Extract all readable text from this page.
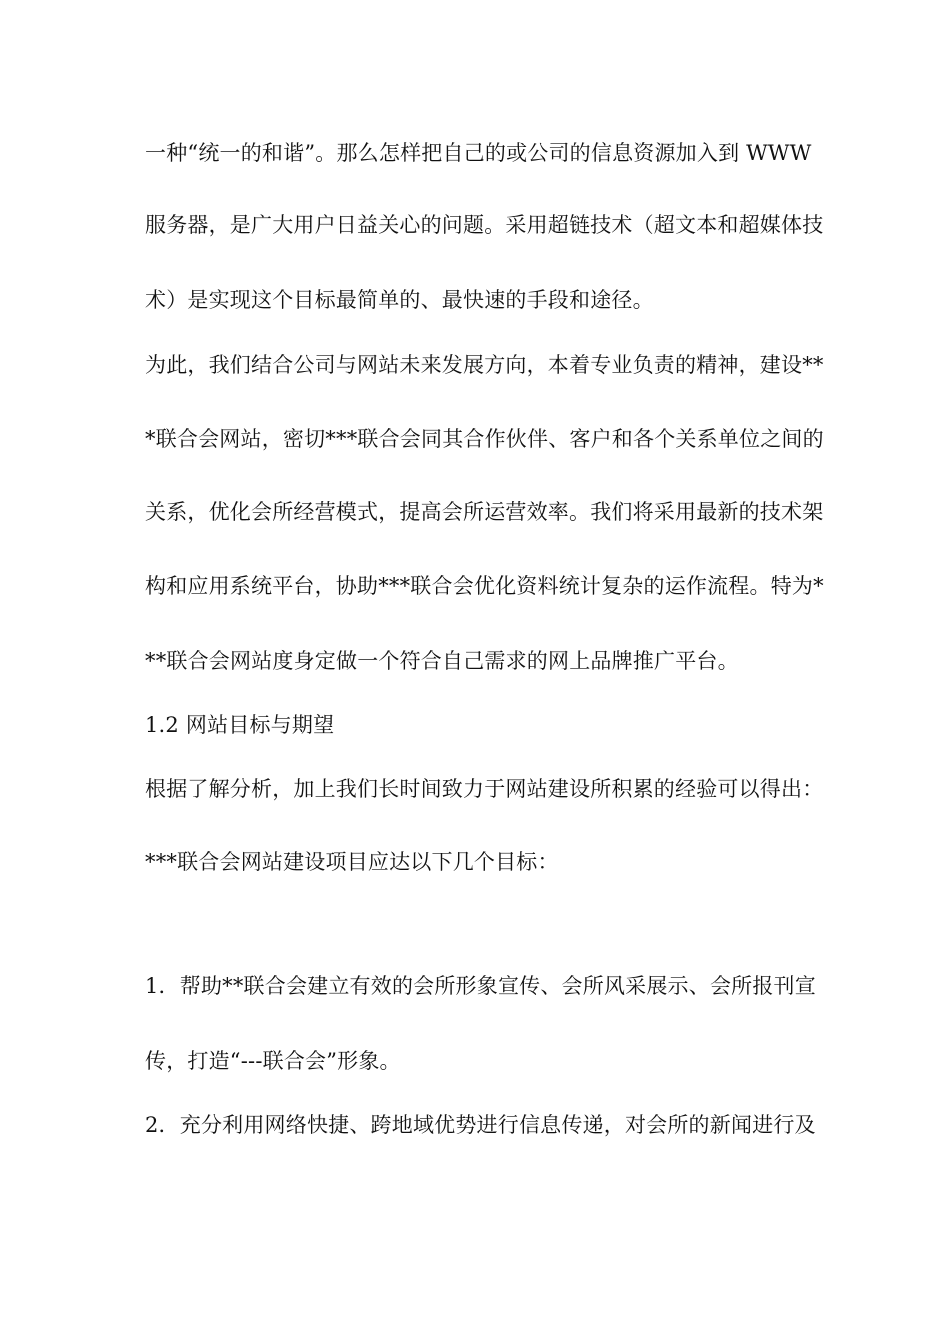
一种“统一的和谐”。那么怎样把自己的或公司的信息资源加入到 WWW
服务器，是广大用户日益关心的问题。采用超链技术（超文本和超媒体技
术）是实现这个目标最简单的、最快速的手段和途径。
为此，我们结合公司与网站未来发展方向，本着专业负责的精神，建设**
*联合会网站，密切***联合会同其合作伙伴、客户和各个关系单位之间的
关系，优化会所经营模式，提高会所运营效率。我们将采用最新的技术架
构和应用系统平台，协助***联合会优化资料统计复杂的运作流程。特为*
**联合会网站度身定做一个符合自己需求的网上品牌推广平台。
1.2 网站目标与期望
根据了解分析，加上我们长时间致力于网站建设所积累的经验可以得出：
***联合会网站建设项目应达以下几个目标：
1．帮助**联合会建立有效的会所形象宣传、会所风采展示、会所报刊宣
传，打造“---联合会”形象。
2．充分利用网络快捷、跨地域优势进行信息传递，对会所的新闻进行及
